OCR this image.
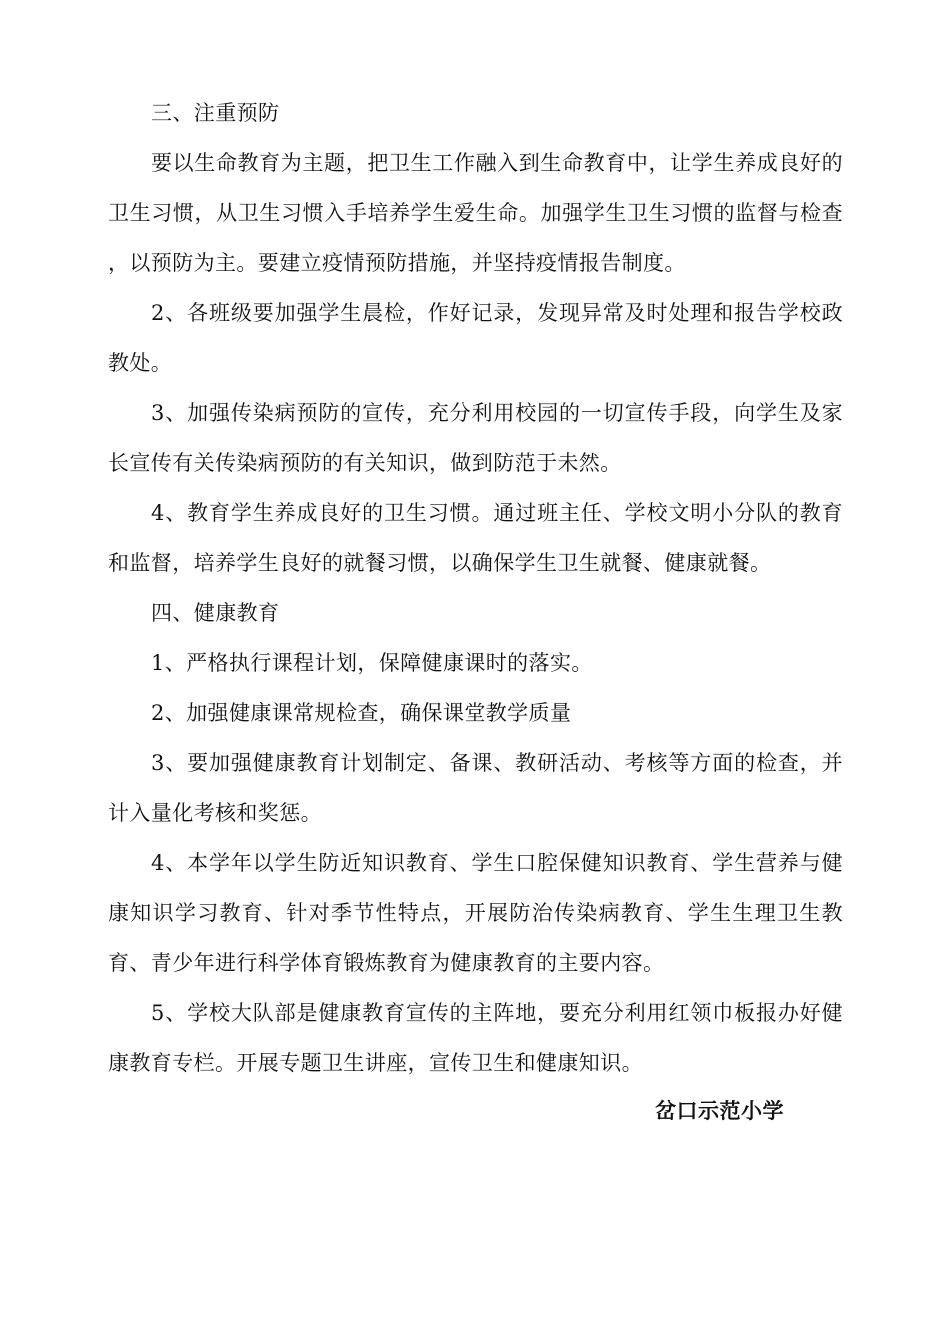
三、注重预防

要以生命教育为主题，把卫生工作融入到生命教育中，让学生养成良好的卫生习惯，从卫生习惯入手培养学生爱生命。加强学生卫生习惯的监督与检查 ，以预防为主。要建立疫情预防措施，并坚持疫情报告制度。

2、各班级要加强学生晨检，作好记录，发现异常及时处理和报告学校政教处。

3、加强传染病预防的宣传，充分利用校园的一切宣传手段，向学生及家长宣传有关传染病预防的有关知识，做到防范于未然。

4、教育学生养成良好的卫生习惯。通过班主任、学校文明小分队的教育和监督，培养学生良好的就餐习惯，以确保学生卫生就餐、健康就餐。

四、健康教育

1、严格执行课程计划，保障健康课时的落实。

2、加强健康课常规检查，确保课堂教学质量

3、要加强健康教育计划制定、备课、教研活动、考核等方面的检查，并计入量化考核和奖惩。

4、本学年以学生防近知识教育、学生口腔保健知识教育、学生营养与健康知识学习教育、针对季节性特点，开展防治传染病教育、学生生理卫生教育、青少年进行科学体育锻炼教育为健康教育的主要内容。

5、学校大队部是健康教育宣传的主阵地，要充分利用红领巾板报办好健康教育专栏。开展专题卫生讲座，宣传卫生和健康知识。

岔口示范小学
